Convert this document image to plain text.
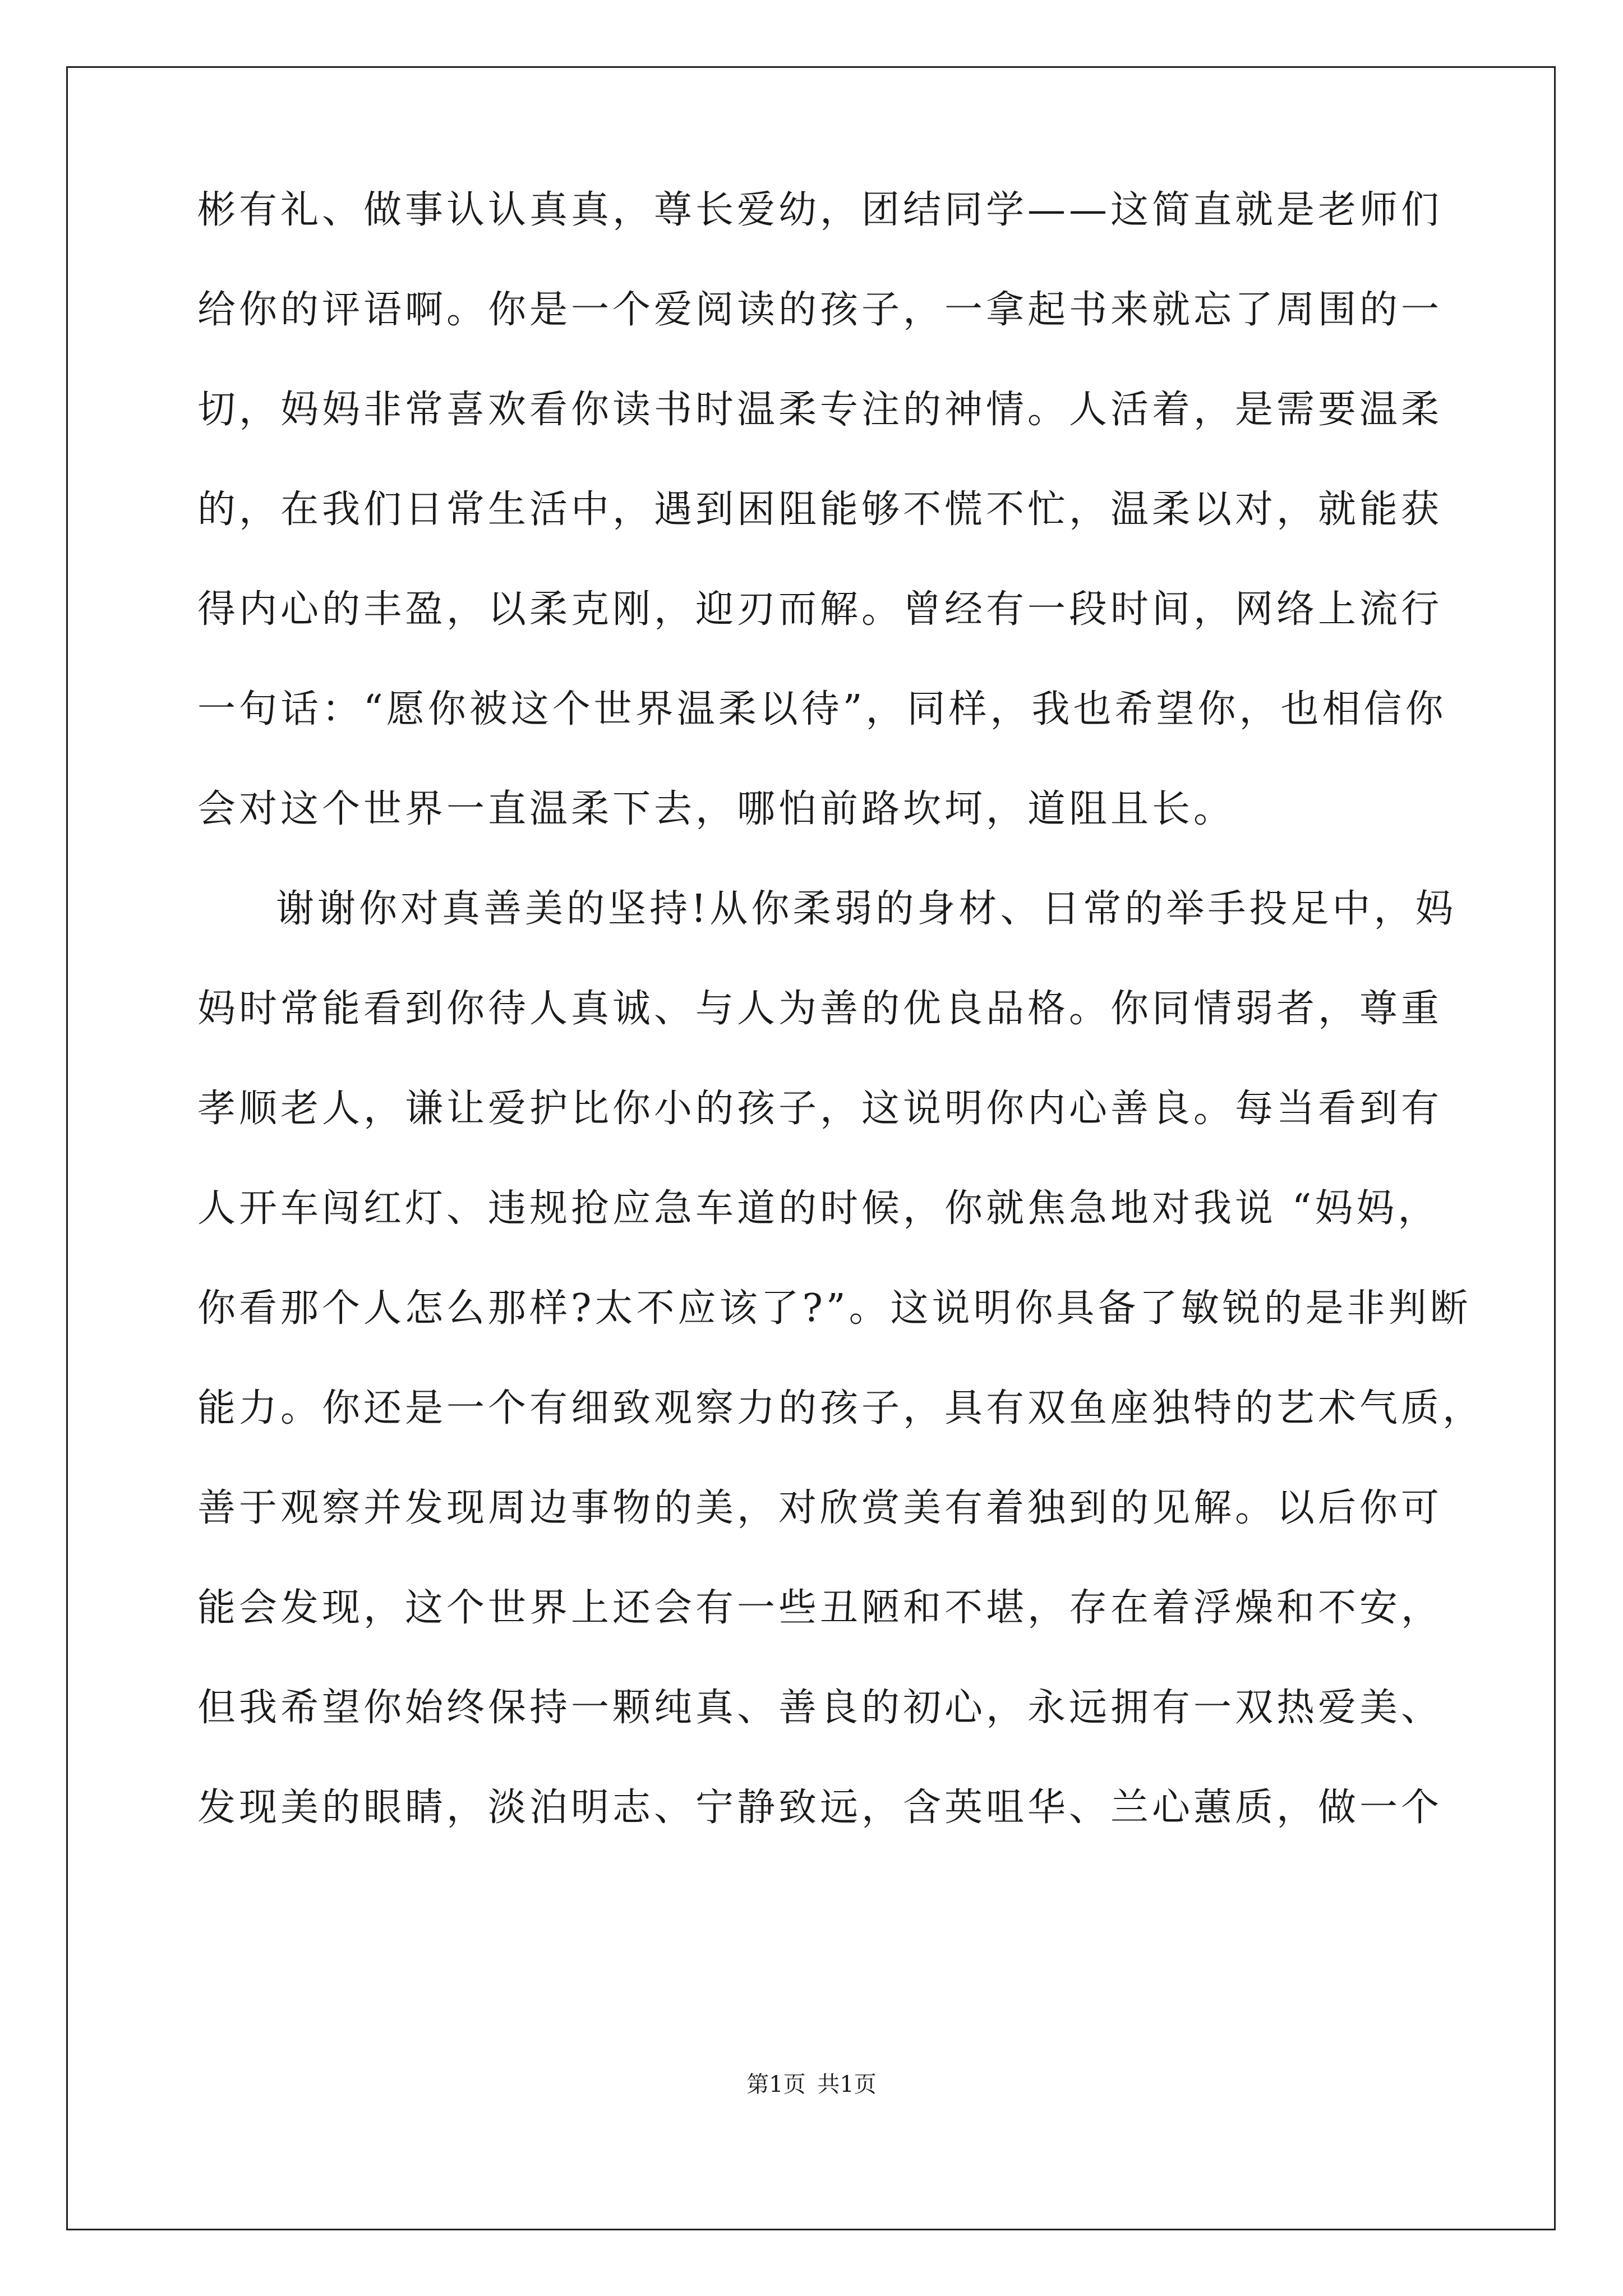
彬有礼、做事认认真真，尊长爱幼，团结同学——这简直就是老师们
给你的评语啊。你是一个爱阅读的孩子，一拿起书来就忘了周围的一
切，妈妈非常喜欢看你读书时温柔专注的神情。人活着，是需要温柔
的，在我们日常生活中，遇到困阻能够不慌不忙，温柔以对，就能获
得内心的丰盈，以柔克刚，迎刃而解。曾经有一段时间，网络上流行
一句话：“愿你被这个世界温柔以待”，同样，我也希望你，也相信你
会对这个世界一直温柔下去，哪怕前路坎坷，道阻且长。
谢谢你对真善美的坚持!从你柔弱的身材、日常的举手投足中，妈
妈时常能看到你待人真诚、与人为善的优良品格。你同情弱者，尊重
孝顺老人，谦让爱护比你小的孩子，这说明你内心善良。每当看到有
人开车闯红灯、违规抢应急车道的时候，你就焦急地对我说 “妈妈，
你看那个人怎么那样?太不应该了?”。这说明你具备了敏锐的是非判断
能力。你还是一个有细致观察力的孩子，具有双鱼座独特的艺术气质，
善于观察并发现周边事物的美，对欣赏美有着独到的见解。以后你可
能会发现，这个世界上还会有一些丑陋和不堪，存在着浮燥和不安，
但我希望你始终保持一颗纯真、善良的初心，永远拥有一双热爱美、
发现美的眼睛，淡泊明志、宁静致远，含英咀华、兰心蕙质，做一个
第1页 共1页
